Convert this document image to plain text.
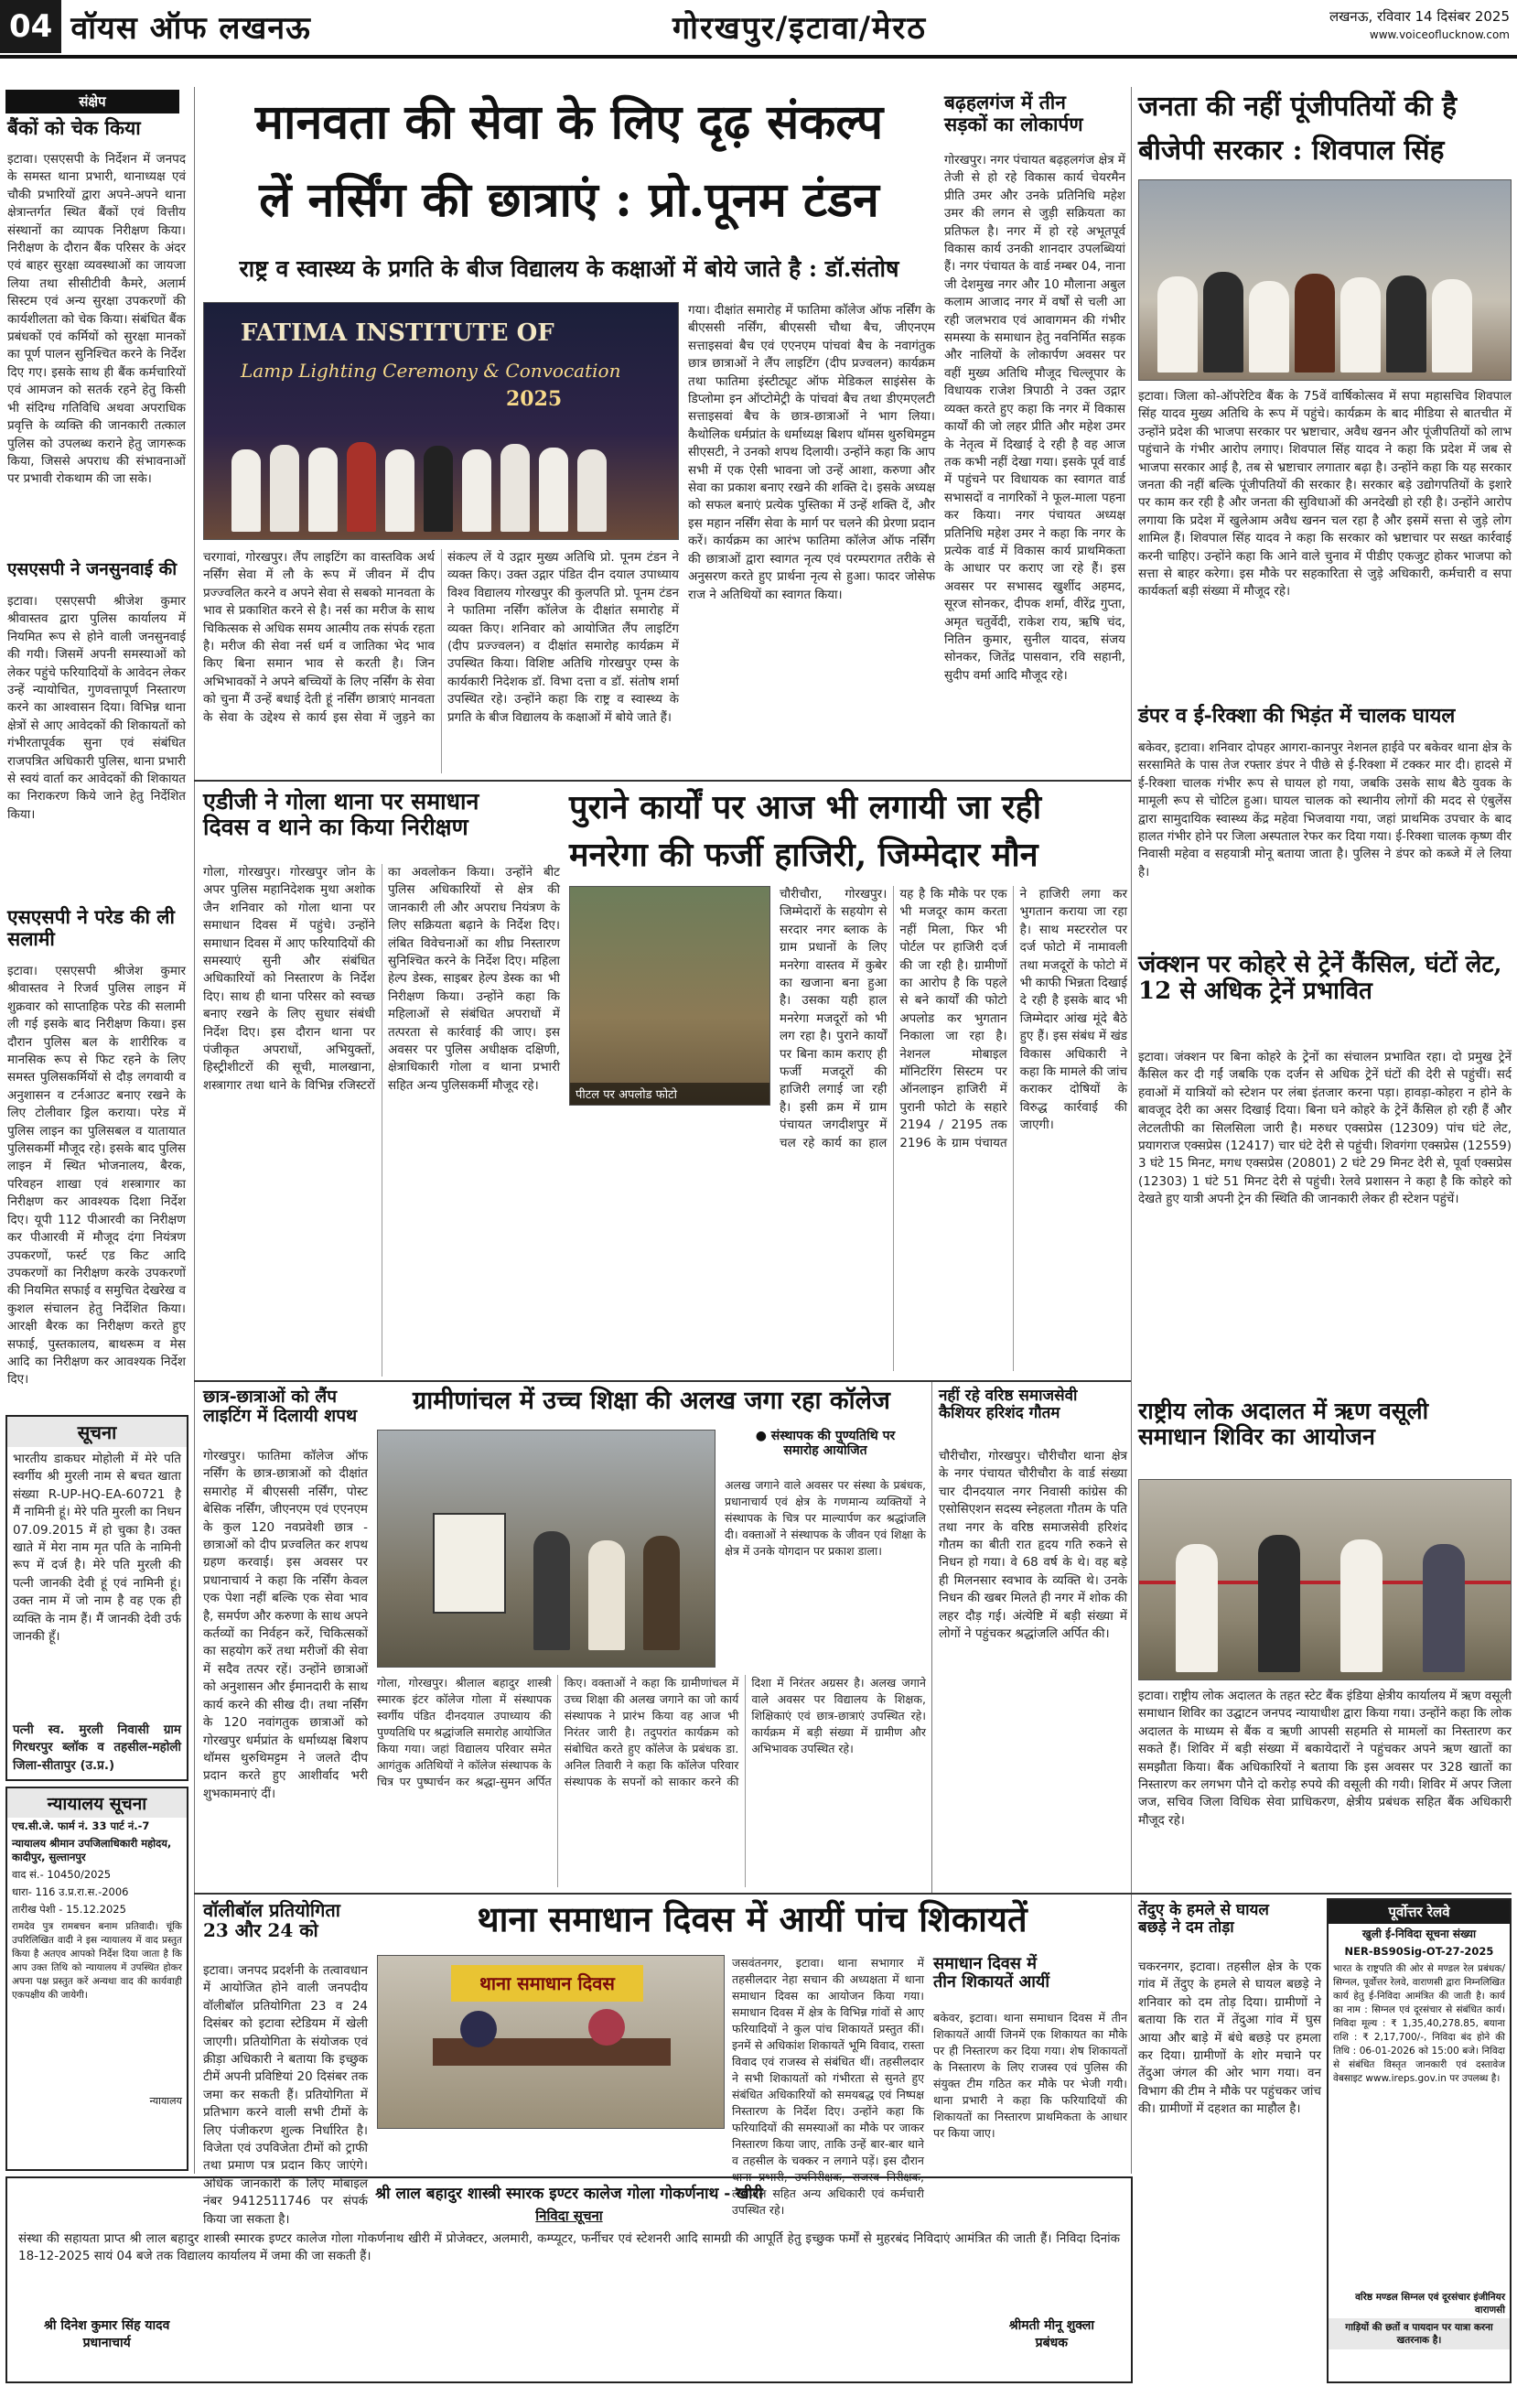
04 वॉयस ऑफ लखनऊ	गोरखपुर/इटावा/मेरठ	लखनऊ, रविवार 14 दिसंबर 2025
www.voiceoflucknow.com
संक्षेप
बैंकों को चेक किया
इटावा। एसएसपी के निर्देशन में जनपद के समस्त थाना प्रभारी, थानाध्यक्ष एवं चौकी प्रभारियों द्वारा अपने-अपने थाना क्षेत्रान्तर्गत स्थित बैंकों एवं वित्तीय संस्थानों का व्यापक निरीक्षण किया। निरीक्षण के दौरान बैंक परिसर के अंदर एवं बाहर सुरक्षा व्यवस्थाओं का जायजा लिया तथा सीसीटीवी कैमरे, अलार्म सिस्टम एवं अन्य सुरक्षा उपकरणों की कार्यशीलता को चेक किया। संबंधित बैंक प्रबंधकों एवं कर्मियों को सुरक्षा मानकों का पूर्ण पालन सुनिश्चित करने के निर्देश दिए गए। इसके साथ ही बैंक कर्मचारियों एवं आमजन को सतर्क रहने हेतु किसी भी संदिग्ध गतिविधि अथवा अपराधिक प्रवृत्ति के व्यक्ति की जानकारी तत्काल पुलिस को उपलब्ध कराने हेतु जागरूक किया, जिससे अपराध की संभावनाओं पर प्रभावी रोकथाम की जा सके।
एसएसपी ने जनसुनवाई की
इटावा। एसएसपी श्रीजेश कुमार श्रीवास्तव द्वारा पुलिस कार्यालय में नियमित रूप से होने वाली जनसुनवाई की गयी। जिसमें अपनी समस्याओं को लेकर पहुंचे फरियादियों के आवेदन लेकर उन्हें न्यायोचित, गुणवत्तापूर्ण निस्तारण करने का आश्वासन दिया। विभिन्न थाना क्षेत्रों से आए आवेदकों की शिकायतों को गंभीरतापूर्वक सुना एवं संबंधित राजपत्रित अधिकारी पुलिस, थाना प्रभारी से स्वयं वार्ता कर आवेदकों की शिकायत का निराकरण किये जाने हेतु निर्देशित किया।
एसएसपी ने परेड की ली सलामी
इटावा। एसएसपी श्रीजेश कुमार श्रीवास्तव ने रिजर्व पुलिस लाइन में शुक्रवार को साप्ताहिक परेड की सलामी ली गई इसके बाद निरीक्षण किया। इस दौरान पुलिस बल के शारीरिक व मानसिक रूप से फिट रहने के लिए समस्त पुलिसकर्मियों से दौड़ लगवायी व अनुशासन व टर्नआउट बनाए रखने के लिए टोलीवार ड्रिल कराया। परेड में पुलिस लाइन का पुलिसबल व यातायात पुलिसकर्मी मौजूद रहे। इसके बाद पुलिस लाइन में स्थित भोजनालय, बैरक, परिवहन शाखा एवं शस्त्रागार का निरीक्षण कर आवश्यक दिशा निर्देश दिए। यूपी 112 पीआरवी का निरीक्षण कर पीआरवी में मौजूद दंगा नियंत्रण उपकरणों, फर्स्ट एड किट आदि उपकरणों का निरीक्षण करके उपकरणों की नियमित सफाई व समुचित देखरेख व कुशल संचालन हेतु निर्देशित किया। आरक्षी बैरक का निरीक्षण करते हुए सफाई, पुस्तकालय, बाथरूम व मेस आदि का निरीक्षण कर आवश्यक निर्देश दिए।
सूचना
भारतीय डाकघर मोहोली में मेरे पति स्वर्गीय श्री मुरली नाम से बचत खाता संख्या R-UP-HQ-EA-60721 है मैं नामिनी हूं। मेरे पति मुरली का निधन 07.09.2015 में हो चुका है। उक्त खाते में मेरा नाम मृत पति के नामिनी रूप में दर्ज है। मेरे पति मुरली की पत्नी जानकी देवी हूं एवं नामिनी हूं। उक्त नाम में जो नाम है वह एक ही व्यक्ति के नाम हैं। मैं जानकी देवी उर्फ जानकी हूँ।
पत्नी स्व. मुरली निवासी ग्राम गिरधरपुर ब्लॉक व तहसील-महोली जिला-सीतापुर (उ.प्र.)
न्यायालय सूचना
एच.सी.जे. फार्म नं. 33 पार्ट नं.-7
न्यायालय श्रीमान उपजिलाधिकारी महोदय, कादीपुर, सुल्तानपुर
वाद सं.- 10450/2025
धारा- 116 उ.प्र.रा.स.-2006
तारीख पेशी - 15.12.2025
रामदेव पुत्र रामबचन बनाम प्रतिवादी। चूंकि उपरिलिखित वादी ने इस न्यायालय में वाद प्रस्तुत किया है अतएव आपको निर्देश दिया जाता है कि आप उक्त तिथि को न्यायालय में उपस्थित होकर अपना पक्ष प्रस्तुत करें अन्यथा वाद की कार्यवाही एकपक्षीय की जायेगी।
न्यायालय
मानवता की सेवा के लिए दृढ़ संकल्प
लें नर्सिंग की छात्राएं : प्रो.पूनम टंडन
राष्ट्र व स्वास्थ्य के प्रगति के बीज विद्यालय के कक्षाओं में बोये जाते है : डॉ.संतोष
FATIMA INSTITUTE OF
Lamp Lighting Ceremony & Convocation
2025
गया। दीक्षांत समारोह में फातिमा कॉलेज ऑफ नर्सिंग के बीएससी नर्सिंग, बीएससी चौथा बैच, जीएनएम सत्ताइसवां बैच एवं एएनएम पांचवां बैच के नवागंतुक छात्र छात्राओं ने लैंप लाइटिंग (दीप प्रज्वलन) कार्यक्रम तथा फातिमा इंस्टीट्यूट ऑफ मेडिकल साइंसेस के डिप्लोमा इन ऑप्टोमेट्री के पांचवां बैच तथा डीएमएलटी सत्ताइसवां बैच के छात्र-छात्राओं ने भाग लिया। कैथोलिक धर्मप्रांत के धर्माध्यक्ष बिशप थॉमस थुरुथिमट्टम सीएसटी, ने उनको शपथ दिलायी। उन्होंने कहा कि आप सभी में एक ऐसी भावना जो उन्हें आशा, करुणा और सेवा का प्रकाश बनाए रखने की शक्ति दे। इसके अध्यक्ष को सफल बनाएं प्रत्येक पुस्तिका में उन्हें शक्ति दें, और इस महान नर्सिंग सेवा के मार्ग पर चलने की प्रेरणा प्रदान करें। कार्यक्रम का आरंभ फातिमा कॉलेज ऑफ नर्सिंग की छात्राओं द्वारा स्वागत नृत्य एवं परम्परागत तरीके से अनुसरण करते हुए प्रार्थना नृत्य से हुआ। फादर जोसेफ राज ने अतिथियों का स्वागत किया।
चरगावां, गोरखपुर। लैंप लाइटिंग का वास्तविक अर्थ नर्सिंग सेवा में लौ के रूप में जीवन में दीप प्रज्ज्वलित करने व अपने सेवा से सबको मानवता के भाव से प्रकाशित करने से है। नर्स का मरीज के साथ चिकित्सक से अधिक समय आत्मीय तक संपर्क रहता है। मरीज की सेवा नर्स धर्म व जातिका भेद भाव किए बिना समान भाव से करती है। जिन अभिभावकों ने अपने बच्चियों के लिए नर्सिंग के सेवा को चुना मैं उन्हें बधाई देती हूं नर्सिंग छात्राएं मानवता के सेवा के उद्देश्य से कार्य इस सेवा में जुड़ने का संकल्प लें ये उद्गार मुख्य अतिथि प्रो. पूनम टंडन ने व्यक्त किए। उक्त उद्गार पंडित दीन दयाल उपाध्याय विश्व विद्यालय गोरखपुर की कुलपति प्रो. पूनम टंडन ने फातिमा नर्सिंग कॉलेज के दीक्षांत समारोह में व्यक्त किए। शनिवार को आयोजित लैंप लाइटिंग (दीप प्रज्ज्वलन) व दीक्षांत समारोह कार्यक्रम में उपस्थित किया। विशिष्ट अतिथि गोरखपुर एम्स के कार्यकारी निदेशक डॉ. विभा दत्ता व डॉ. संतोष शर्मा उपस्थित रहे। उन्होंने कहा कि राष्ट्र व स्वास्थ्य के प्रगति के बीज विद्यालय के कक्षाओं में बोये जाते हैं।
बढ़हलगंज में तीन
सड़कों का लोकार्पण
गोरखपुर। नगर पंचायत बढ़हलगंज क्षेत्र में तेजी से हो रहे विकास कार्य चेयरमैन प्रीति उमर और उनके प्रतिनिधि महेश उमर की लगन से जुड़ी सक्रियता का प्रतिफल है। नगर में हो रहे अभूतपूर्व विकास कार्य उनकी शानदार उपलब्धियां हैं। नगर पंचायत के वार्ड नम्बर 04, नाना जी देशमुख नगर और 10 मौलाना अबुल कलाम आजाद नगर में वर्षों से चली आ रही जलभराव एवं आवागमन की गंभीर समस्या के समाधान हेतु नवनिर्मित सड़क और नालियों के लोकार्पण अवसर पर वहीं मुख्य अतिथि मौजूद चिल्लूपार के विधायक राजेश त्रिपाठी ने उक्त उद्गार व्यक्त करते हुए कहा कि नगर में विकास कार्यों की जो लहर प्रीति और महेश उमर के नेतृत्व में दिखाई दे रही है वह आज तक कभी नहीं देखा गया। इसके पूर्व वार्ड में पहुंचने पर विधायक का स्वागत वार्ड सभासदों व नागरिकों ने फूल-माला पहना कर किया। नगर पंचायत अध्यक्ष प्रतिनिधि महेश उमर ने कहा कि नगर के प्रत्येक वार्ड में विकास कार्य प्राथमिकता के आधार पर कराए जा रहे हैं। इस अवसर पर सभासद खुर्शीद अहमद, सूरज सोनकर, दीपक शर्मा, वीरेंद्र गुप्ता, अमृत चतुर्वेदी, राकेश राय, ऋषि चंद, नितिन कुमार, सुनील यादव, संजय सोनकर, जितेंद्र पासवान, रवि सहानी, सुदीप वर्मा आदि मौजूद रहे।
जनता की नहीं पूंजीपतियों की है
बीजेपी सरकार : शिवपाल सिंह
इटावा। जिला को-ऑपरेटिव बैंक के 75वें वार्षिकोत्सव में सपा महासचिव शिवपाल सिंह यादव मुख्य अतिथि के रूप में पहुंचे। कार्यक्रम के बाद मीडिया से बातचीत में उन्होंने प्रदेश की भाजपा सरकार पर भ्रष्टाचार, अवैध खनन और पूंजीपतियों को लाभ पहुंचाने के गंभीर आरोप लगाए। शिवपाल सिंह यादव ने कहा कि प्रदेश में जब से भाजपा सरकार आई है, तब से भ्रष्टाचार लगातार बढ़ा है। उन्होंने कहा कि यह सरकार जनता की नहीं बल्कि पूंजीपतियों की सरकार है। सरकार बड़े उद्योगपतियों के इशारे पर काम कर रही है और जनता की सुविधाओं की अनदेखी हो रही है। उन्होंने आरोप लगाया कि प्रदेश में खुलेआम अवैध खनन चल रहा है और इसमें सत्ता से जुड़े लोग शामिल हैं। शिवपाल सिंह यादव ने कहा कि सरकार को भ्रष्टाचार पर सख्त कार्रवाई करनी चाहिए। उन्होंने कहा कि आने वाले चुनाव में पीडीए एकजुट होकर भाजपा को सत्ता से बाहर करेगा। इस मौके पर सहकारिता से जुड़े अधिकारी, कर्मचारी व सपा कार्यकर्ता बड़ी संख्या में मौजूद रहे।
डंपर व ई-रिक्शा की भिड़ंत में चालक घायल
बकेवर, इटावा। शनिवार दोपहर आगरा-कानपुर नेशनल हाईवे पर बकेवर थाना क्षेत्र के सरसामिते के पास तेज रफ्तार डंपर ने पीछे से ई-रिक्शा में टक्कर मार दी। हादसे में ई-रिक्शा चालक गंभीर रूप से घायल हो गया, जबकि उसके साथ बैठे युवक के मामूली रूप से चोटिल हुआ। घायल चालक को स्थानीय लोगों की मदद से एंबुलेंस द्वारा सामुदायिक स्वास्थ्य केंद्र महेवा भिजवाया गया, जहां प्राथमिक उपचार के बाद हालत गंभीर होने पर जिला अस्पताल रेफर कर दिया गया। ई-रिक्शा चालक कृष्ण वीर निवासी महेवा व सहयात्री मोनू बताया जाता है। पुलिस ने डंपर को कब्जे में ले लिया है।
जंक्शन पर कोहरे से ट्रेनें कैंसिल, घंटों लेट, 12 से अधिक ट्रेनें प्रभावित
इटावा। जंक्शन पर बिना कोहरे के ट्रेनों का संचालन प्रभावित रहा। दो प्रमुख ट्रेनें कैंसिल कर दी गईं जबकि एक दर्जन से अधिक ट्रेनें घंटों की देरी से पहुंचीं। सर्द हवाओं में यात्रियों को स्टेशन पर लंबा इंतजार करना पड़ा। हावड़ा-कोहरा न होने के बावजूद देरी का असर दिखाई दिया। बिना घने कोहरे के ट्रेनें कैंसिल हो रही हैं और लेटलतीफी का सिलसिला जारी है। मरुधर एक्सप्रेस (12309) पांच घंटे लेट, प्रयागराज एक्सप्रेस (12417) चार घंटे देरी से पहुंची। शिवगंगा एक्सप्रेस (12559) 3 घंटे 15 मिनट, मगध एक्सप्रेस (20801) 2 घंटे 29 मिनट देरी से, पूर्वा एक्सप्रेस (12303) 1 घंटे 51 मिनट देरी से पहुंची। रेलवे प्रशासन ने कहा है कि कोहरे को देखते हुए यात्री अपनी ट्रेन की स्थिति की जानकारी लेकर ही स्टेशन पहुंचें।
एडीजी ने गोला थाना पर समाधान
दिवस व थाने का किया निरीक्षण
गोला, गोरखपुर। गोरखपुर जोन के अपर पुलिस महानिदेशक मुथा अशोक जैन शनिवार को गोला थाना पर समाधान दिवस में पहुंचे। उन्होंने समाधान दिवस में आए फरियादियों की समस्याएं सुनी और संबंधित अधिकारियों को निस्तारण के निर्देश दिए। साथ ही थाना परिसर को स्वच्छ बनाए रखने के लिए सुधार संबंधी निर्देश दिए। इस दौरान थाना पर पंजीकृत अपराधों, अभियुक्तों, हिस्ट्रीशीटरों की सूची, मालखाना, शस्त्रागार तथा थाने के विभिन्न रजिस्टरों का अवलोकन किया। उन्होंने बीट पुलिस अधिकारियों से क्षेत्र की जानकारी ली और अपराध नियंत्रण के लिए सक्रियता बढ़ाने के निर्देश दिए। लंबित विवेचनाओं का शीघ्र निस्तारण सुनिश्चित करने के निर्देश दिए। महिला हेल्प डेस्क, साइबर हेल्प डेस्क का भी निरीक्षण किया। उन्होंने कहा कि महिलाओं से संबंधित अपराधों में तत्परता से कार्रवाई की जाए। इस अवसर पर पुलिस अधीक्षक दक्षिणी, क्षेत्राधिकारी गोला व थाना प्रभारी सहित अन्य पुलिसकर्मी मौजूद रहे।
पुराने कार्यों पर आज भी लगायी जा रही
मनरेगा की फर्जी हाजिरी, जिम्मेदार मौन
पीटल पर अपलोड फोटो
चौरीचौरा, गोरखपुर। जिम्मेदारों के सहयोग से सरदार नगर ब्लाक के ग्राम प्रधानों के लिए मनरेगा वास्तव में कुबेर का खजाना बना हुआ है। उसका यही हाल मनरेगा मजदूरों को भी लग रहा है। पुराने कार्यों पर बिना काम कराए ही फर्जी मजदूरों की हाजिरी लगाई जा रही है। इसी क्रम में ग्राम पंचायत जगदीशपुर में चल रहे कार्य का हाल यह है कि मौके पर एक भी मजदूर काम करता नहीं मिला, फिर भी पोर्टल पर हाजिरी दर्ज की जा रही है। ग्रामीणों का आरोप है कि पहले से बने कार्यों की फोटो अपलोड कर भुगतान निकाला जा रहा है। नेशनल मोबाइल मॉनिटरिंग सिस्टम पर ऑनलाइन हाजिरी में पुरानी फोटो के सहारे 2194 / 2195 तक 2196 के ग्राम पंचायत ने हाजिरी लगा कर भुगतान कराया जा रहा है। साथ मस्टररोल पर दर्ज फोटो में नामावली तथा मजदूरों के फोटो में भी काफी भिन्नता दिखाई दे रही है इसके बाद भी जिम्मेदार आंख मूंदे बैठे हुए हैं। इस संबंध में खंड विकास अधिकारी ने कहा कि मामले की जांच कराकर दोषियों के विरुद्ध कार्रवाई की जाएगी।
छात्र-छात्राओं को लैंप
लाइटिंग में दिलायी शपथ
गोरखपुर। फातिमा कॉलेज ऑफ नर्सिंग के छात्र-छात्राओं को दीक्षांत समारोह में बीएससी नर्सिंग, पोस्ट बेसिक नर्सिंग, जीएनएम एवं एएनएम के कुल 120 नवप्रवेशी छात्र - छात्राओं को दीप प्रज्वलित कर शपथ ग्रहण करवाई। इस अवसर पर प्रधानाचार्य ने कहा कि नर्सिंग केवल एक पेशा नहीं बल्कि एक सेवा भाव है, समर्पण और करुणा के साथ अपने कर्तव्यों का निर्वहन करें, चिकित्सकों का सहयोग करें तथा मरीजों की सेवा में सदैव तत्पर रहें। उन्होंने छात्राओं को अनुशासन और ईमानदारी के साथ कार्य करने की सीख दी। तथा नर्सिंग के 120 नवांगतुक छात्राओं को गोरखपुर धर्मप्रांत के धर्माध्यक्ष बिशप थॉमस थुरुथिमट्टम ने जलते दीप प्रदान करते हुए आशीर्वाद भरी शुभकामनाएं दीं।
ग्रामीणांचल में उच्च शिक्षा की अलख जगा रहा कॉलेज
● संस्थापक की पुण्यतिथि पर
समारोह आयोजित
गोला, गोरखपुर। श्रीलाल बहादुर शास्त्री स्मारक इंटर कॉलेज गोला में संस्थापक स्वर्गीय पंडित दीनदयाल उपाध्याय की पुण्यतिथि पर श्रद्धांजलि समारोह आयोजित किया गया। जहां विद्यालय परिवार समेत आगंतुक अतिथियों ने कॉलेज संस्थापक के चित्र पर पुष्पार्चन कर श्रद्धा-सुमन अर्पित किए। वक्ताओं ने कहा कि ग्रामीणांचल में उच्च शिक्षा की अलख जगाने का जो कार्य संस्थापक ने प्रारंभ किया वह आज भी निरंतर जारी है। तदुपरांत कार्यक्रम को संबोधित करते हुए कॉलेज के प्रबंधक डा. अनिल तिवारी ने कहा कि कॉलेज परिवार संस्थापक के सपनों को साकार करने की दिशा में निरंतर अग्रसर है। अलख जगाने वाले अवसर पर विद्यालय के शिक्षक, शिक्षिकाएं एवं छात्र-छात्राएं उपस्थित रहे। कार्यक्रम में बड़ी संख्या में ग्रामीण और अभिभावक उपस्थित रहे।
अलख जगाने वाले अवसर पर संस्था के प्रबंधक, प्रधानाचार्य एवं क्षेत्र के गणमान्य व्यक्तियों ने संस्थापक के चित्र पर माल्यार्पण कर श्रद्धांजलि दी। वक्ताओं ने संस्थापक के जीवन एवं शिक्षा के क्षेत्र में उनके योगदान पर प्रकाश डाला।
नहीं रहे वरिष्ठ समाजसेवी
कैशियर हरिशंद गौतम
चौरीचौरा, गोरखपुर। चौरीचौरा थाना क्षेत्र के नगर पंचायत चौरीचौरा के वार्ड संख्या चार दीनदयाल नगर निवासी कांग्रेस की एसोसिएशन सदस्य स्नेहलता गौतम के पति तथा नगर के वरिष्ठ समाजसेवी हरिशंद गौतम का बीती रात हृदय गति रुकने से निधन हो गया। वे 68 वर्ष के थे। वह बड़े ही मिलनसार स्वभाव के व्यक्ति थे। उनके निधन की खबर मिलते ही नगर में शोक की लहर दौड़ गई। अंत्येष्टि में बड़ी संख्या में लोगों ने पहुंचकर श्रद्धांजलि अर्पित की।
राष्ट्रीय लोक अदालत में ऋण वसूली
समाधान शिविर का आयोजन
इटावा। राष्ट्रीय लोक अदालत के तहत स्टेट बैंक इंडिया क्षेत्रीय कार्यालय में ऋण वसूली समाधान शिविर का उद्घाटन जनपद न्यायाधीश द्वारा किया गया। उन्होंने कहा कि लोक अदालत के माध्यम से बैंक व ऋणी आपसी सहमति से मामलों का निस्तारण कर सकते हैं। शिविर में बड़ी संख्या में बकायेदारों ने पहुंचकर अपने ऋण खातों का समझौता किया। बैंक अधिकारियों ने बताया कि इस अवसर पर 328 खातों का निस्तारण कर लगभग पौने दो करोड़ रुपये की वसूली की गयी। शिविर में अपर जिला जज, सचिव जिला विधिक सेवा प्राधिकरण, क्षेत्रीय प्रबंधक सहित बैंक अधिकारी मौजूद रहे।
वॉलीबॉल प्रतियोगिता
23 और 24 को
इटावा। जनपद प्रदर्शनी के तत्वावधान में आयोजित होने वाली जनपदीय वॉलीबॉल प्रतियोगिता 23 व 24 दिसंबर को इटावा स्टेडियम में खेली जाएगी। प्रतियोगिता के संयोजक एवं क्रीड़ा अधिकारी ने बताया कि इच्छुक टीमें अपनी प्रविष्टियां 20 दिसंबर तक जमा कर सकती हैं। प्रतियोगिता में प्रतिभाग करने वाली सभी टीमों के लिए पंजीकरण शुल्क निर्धारित है। विजेता एवं उपविजेता टीमों को ट्राफी तथा प्रमाण पत्र प्रदान किए जाएंगे। अधिक जानकारी के लिए मोबाइल नंबर 9412511746 पर संपर्क किया जा सकता है।
थाना समाधान दिवस में आयीं पांच शिकायतें
थाना समाधान दिवस
जसवंतनगर, इटावा। थाना सभागार में तहसीलदार नेहा सचान की अध्यक्षता में थाना समाधान दिवस का आयोजन किया गया। समाधान दिवस में क्षेत्र के विभिन्न गांवों से आए फरियादियों ने कुल पांच शिकायतें प्रस्तुत कीं। इनमें से अधिकांश शिकायतें भूमि विवाद, रास्ता विवाद एवं राजस्व से संबंधित थीं। तहसीलदार ने सभी शिकायतों को गंभीरता से सुनते हुए संबंधित अधिकारियों को समयबद्ध एवं निष्पक्ष निस्तारण के निर्देश दिए। उन्होंने कहा कि फरियादियों की समस्याओं का मौके पर जाकर निस्तारण किया जाए, ताकि उन्हें बार-बार थाने व तहसील के चक्कर न लगाने पड़ें। इस दौरान थाना प्रभारी, उपनिरीक्षक, राजस्व निरीक्षक, लेखपाल सहित अन्य अधिकारी एवं कर्मचारी उपस्थित रहे।
समाधान दिवस में
तीन शिकायतें आयीं
बकेवर, इटावा। थाना समाधान दिवस में तीन शिकायतें आयीं जिनमें एक शिकायत का मौके पर ही निस्तारण कर दिया गया। शेष शिकायतों के निस्तारण के लिए राजस्व एवं पुलिस की संयुक्त टीम गठित कर मौके पर भेजी गयी। थाना प्रभारी ने कहा कि फरियादियों की शिकायतों का निस्तारण प्राथमिकता के आधार पर किया जाए।
तेंदुए के हमले से घायल
बछड़े ने दम तोड़ा
चकरनगर, इटावा। तहसील क्षेत्र के एक गांव में तेंदुए के हमले से घायल बछड़े ने शनिवार को दम तोड़ दिया। ग्रामीणों ने बताया कि रात में तेंदुआ गांव में घुस आया और बाड़े में बंधे बछड़े पर हमला कर दिया। ग्रामीणों के शोर मचाने पर तेंदुआ जंगल की ओर भाग गया। वन विभाग की टीम ने मौके पर पहुंचकर जांच की। ग्रामीणों में दहशत का माहौल है।
पूर्वोत्तर रेलवे
खुली ई-निविदा सूचना संख्या
NER-BS90Sig-OT-27-2025
भारत के राष्ट्रपति की ओर से मण्डल रेल प्रबंधक/सिग्नल, पूर्वोत्तर रेलवे, वाराणसी द्वारा निम्नलिखित कार्य हेतु ई-निविदा आमंत्रित की जाती है। कार्य का नाम : सिग्नल एवं दूरसंचार से संबंधित कार्य। निविदा मूल्य : ₹ 1,35,40,278.85, बयाना राशि : ₹ 2,17,700/-, निविदा बंद होने की तिथि : 06-01-2026 को 15:00 बजे। निविदा से संबंधित विस्तृत जानकारी एवं दस्तावेज वेबसाइट www.ireps.gov.in पर उपलब्ध है।
वरिष्ठ मण्डल सिग्नल एवं दूरसंचार इंजीनियर वाराणसी
गाड़ियों की छतों व पायदान पर यात्रा करना खतरनाक है।
श्री लाल बहादुर शास्त्री स्मारक इण्टर कालेज गोला गोकर्णनाथ - खीरी
निविदा सूचना
संस्था की सहायता प्राप्त श्री लाल बहादुर शास्त्री स्मारक इण्टर कालेज गोला गोकर्णनाथ खीरी में प्रोजेक्टर, अलमारी, कम्प्यूटर, फर्नीचर एवं स्टेशनरी आदि सामग्री की आपूर्ति हेतु इच्छुक फर्मों से मुहरबंद निविदाएं आमंत्रित की जाती हैं। निविदा दिनांक 18-12-2025 सायं 04 बजे तक विद्यालय कार्यालय में जमा की जा सकती हैं।
श्री दिनेश कुमार सिंह यादव
प्रधानाचार्य
श्रीमती मीनू शुक्ला
प्रबंधक
